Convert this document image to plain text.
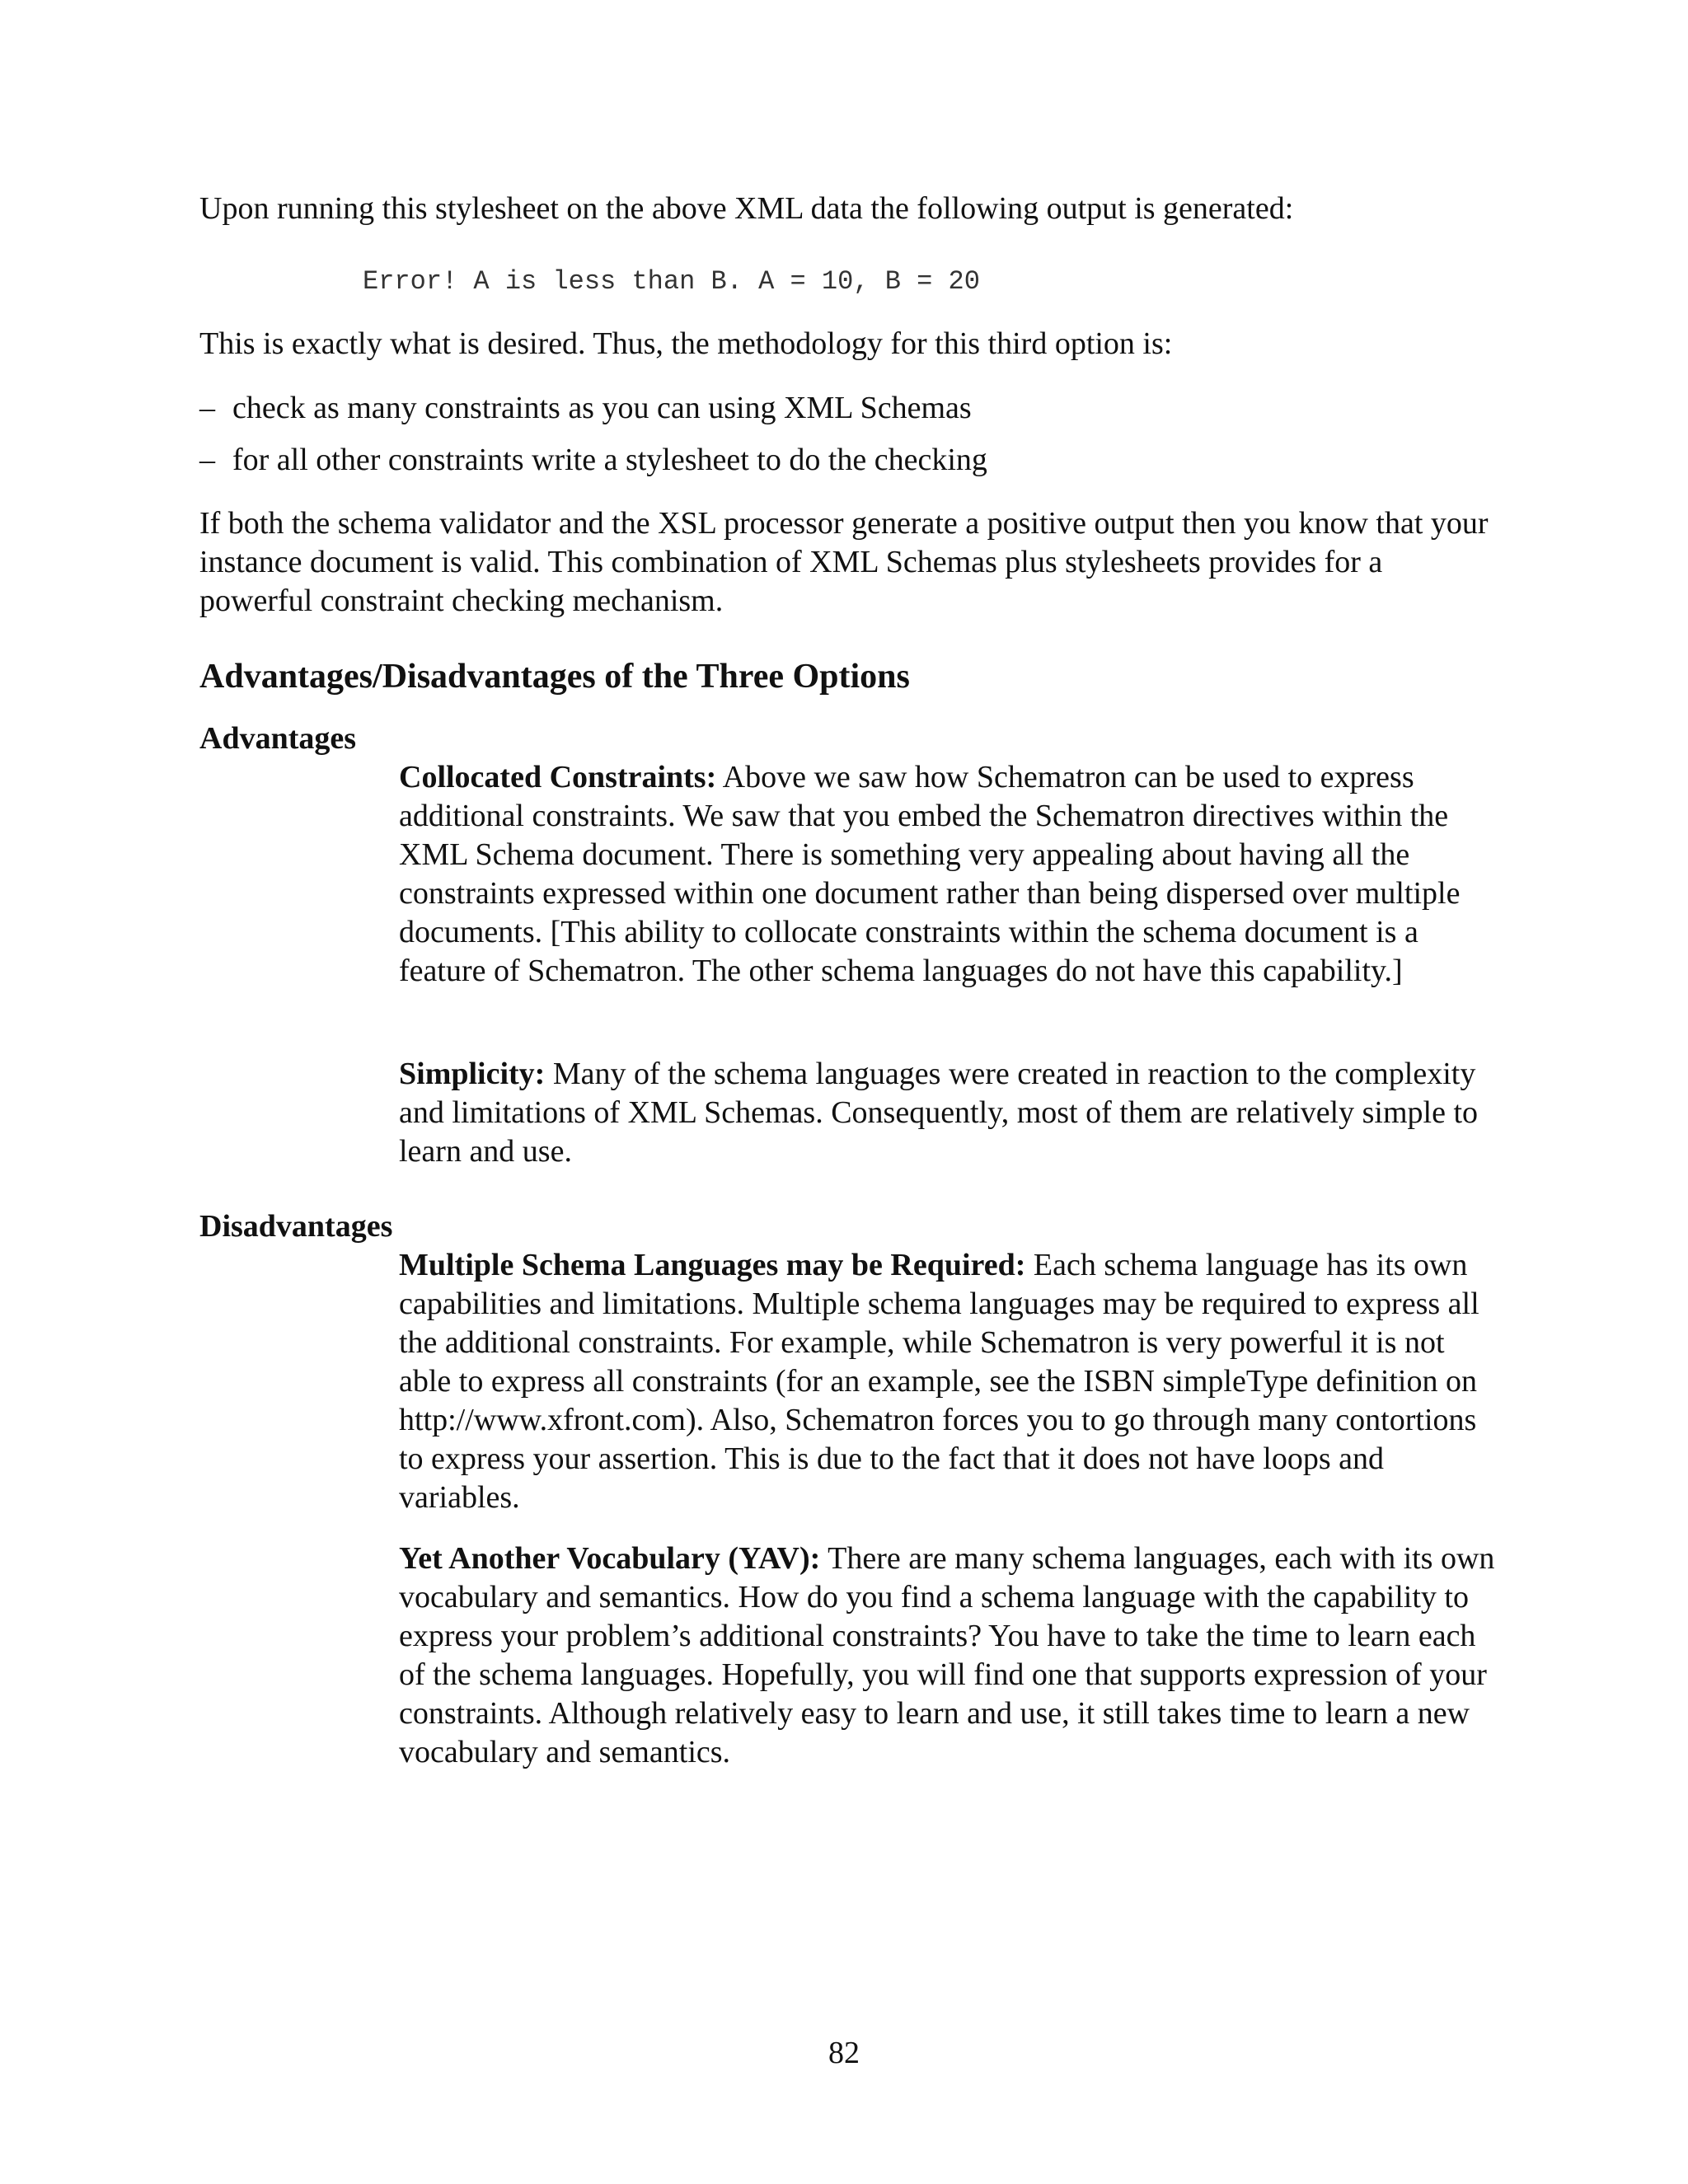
Upon running this stylesheet on the above XML data the following output is generated:

Error! A is less than B. A = 10, B = 20

This is exactly what is desired. Thus, the methodology for this third option is:

– check as many constraints as you can using XML Schemas
– for all other constraints write a stylesheet to do the checking

If both the schema validator and the XSL processor generate a positive output then you know that your instance document is valid. This combination of XML Schemas plus stylesheets provides for a powerful constraint checking mechanism.

Advantages/Disadvantages of the Three Options
Advantages

Collocated Constraints: Above we saw how Schematron can be used to express additional constraints. We saw that you embed the Schematron directives within the XML Schema document. There is something very appealing about having all the constraints expressed within one document rather than being dispersed over multiple documents. [This ability to collocate constraints within the schema document is a feature of Schematron. The other schema languages do not have this capability.]

Simplicity: Many of the schema languages were created in reaction to the complexity and limitations of XML Schemas. Consequently, most of them are relatively simple to learn and use.

Disadvantages

Multiple Schema Languages may be Required: Each schema language has its own capabilities and limitations. Multiple schema languages may be required to express all the additional constraints. For example, while Schematron is very powerful it is not able to express all constraints (for an example, see the ISBN simpleType definition on http://www.xfront.com). Also, Schematron forces you to go through many contortions to express your assertion. This is due to the fact that it does not have loops and variables.

Yet Another Vocabulary (YAV): There are many schema languages, each with its own vocabulary and semantics. How do you find a schema language with the capability to express your problem’s additional constraints? You have to take the time to learn each of the schema languages. Hopefully, you will find one that supports expression of your constraints. Although relatively easy to learn and use, it still takes time to learn a new vocabulary and semantics.

82
